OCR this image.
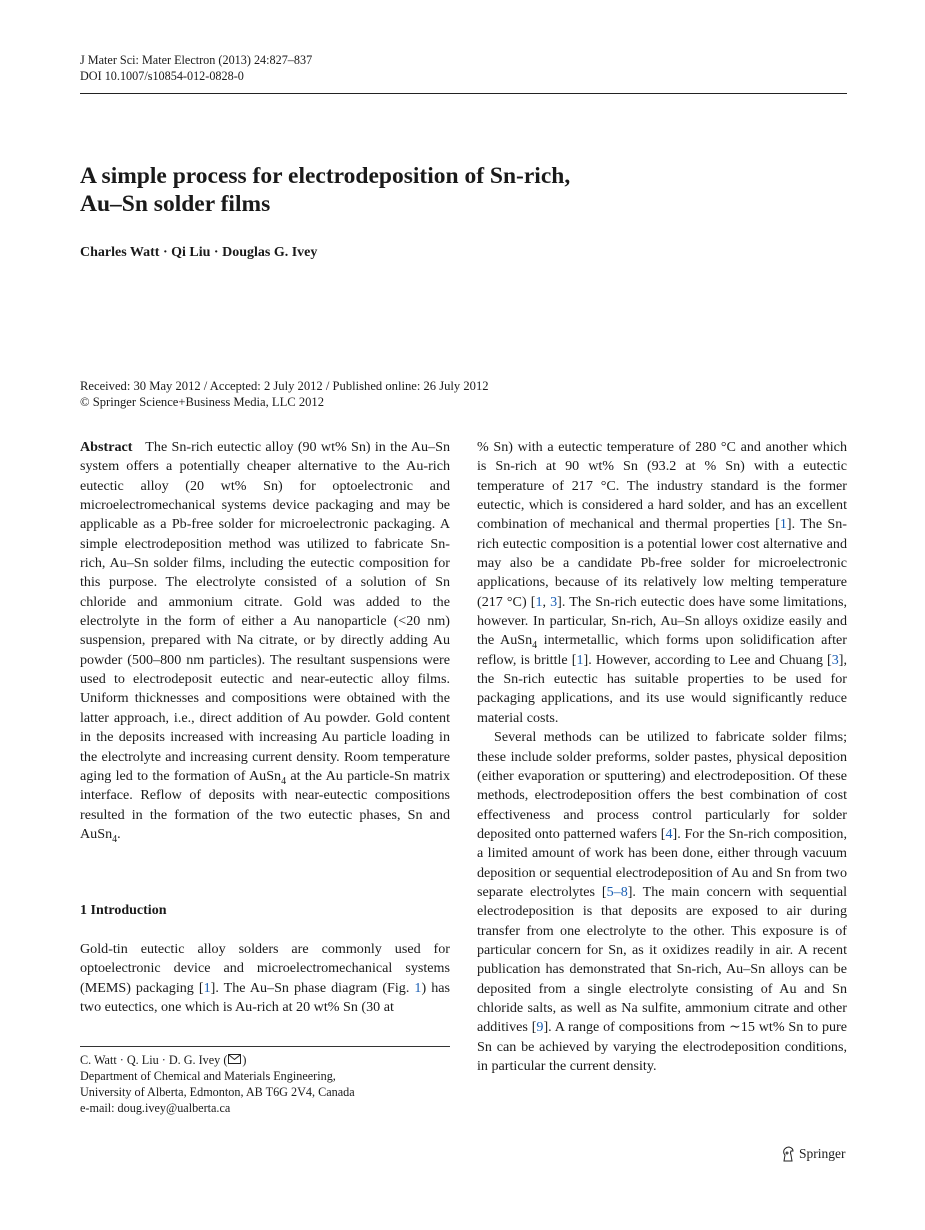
J Mater Sci: Mater Electron (2013) 24:827–837
DOI 10.1007/s10854-012-0828-0
A simple process for electrodeposition of Sn-rich,
Au–Sn solder films
Charles Watt · Qi Liu · Douglas G. Ivey
Received: 30 May 2012 / Accepted: 2 July 2012 / Published online: 26 July 2012
© Springer Science+Business Media, LLC 2012

Abstract The Sn-rich eutectic alloy (90 wt% Sn) in the Au–Sn system offers a potentially cheaper alternative to the Au-rich eutectic alloy (20 wt% Sn) for optoelectronic and microelectromechanical systems device packaging and may be applicable as a Pb-free solder for microelectronic packaging. A simple electrodeposition method was utilized to fabricate Sn-rich, Au–Sn solder films, including the eutectic composition for this purpose. The electrolyte consisted of a solution of Sn chloride and ammonium citrate. Gold was added to the electrolyte in the form of either a Au nanoparticle (<20 nm) suspension, prepared with Na citrate, or by directly adding Au powder (500–800 nm particles). The resultant suspensions were used to electrodeposit eutectic and near-eutectic alloy films. Uniform thicknesses and compositions were obtained with the latter approach, i.e., direct addition of Au powder. Gold content in the deposits increased with increasing Au particle loading in the electrolyte and increasing current density. Room temperature aging led to the formation of AuSn$_4$ at the Au particle-Sn matrix interface. Reflow of deposits with near-eutectic compositions resulted in the formation of the two eutectic phases, Sn and AuSn$_4$.

1 Introduction

Gold-tin eutectic alloy solders are commonly used for optoelectronic device and microelectromechanical systems (MEMS) packaging [1]. The Au–Sn phase diagram (Fig. 1) has two eutectics, one which is Au-rich at 20 wt% Sn (30 at

C. Watt · Q. Liu · D. G. Ivey ( )
Department of Chemical and Materials Engineering,
University of Alberta, Edmonton, AB T6G 2V4, Canada
e-mail: doug.ivey@ualberta.ca

% Sn) with a eutectic temperature of 280 °C and another which is Sn-rich at 90 wt% Sn (93.2 at % Sn) with a eutectic temperature of 217 °C. The industry standard is the former eutectic, which is considered a hard solder, and has an excellent combination of mechanical and thermal properties [1]. The Sn-rich eutectic composition is a potential lower cost alternative and may also be a candidate Pb-free solder for microelectronic applications, because of its relatively low melting temperature (217 °C) [1, 3]. The Sn-rich eutectic does have some limitations, however. In particular, Sn-rich, Au–Sn alloys oxidize easily and the AuSn$_4$ intermetallic, which forms upon solidification after reflow, is brittle [1]. However, according to Lee and Chuang [3], the Sn-rich eutectic has suitable properties to be used for packaging applications, and its use would significantly reduce material costs.

Several methods can be utilized to fabricate solder films; these include solder preforms, solder pastes, physical deposition (either evaporation or sputtering) and electrodeposition. Of these methods, electrodeposition offers the best combination of cost effectiveness and process control particularly for solder deposited onto patterned wafers [4]. For the Sn-rich composition, a limited amount of work has been done, either through vacuum deposition or sequential electrodeposition of Au and Sn from two separate electrolytes [5–8]. The main concern with sequential electrodeposition is that deposits are exposed to air during transfer from one electrolyte to the other. This exposure is of particular concern for Sn, as it oxidizes readily in air. A recent publication has demonstrated that Sn-rich, Au–Sn alloys can be deposited from a single electrolyte consisting of Au and Sn chloride salts, as well as Na sulfite, ammonium citrate and other additives [9]. A range of compositions from ∼15 wt% Sn to pure Sn can be achieved by varying the electrodeposition conditions, in particular the current density.

Springer
